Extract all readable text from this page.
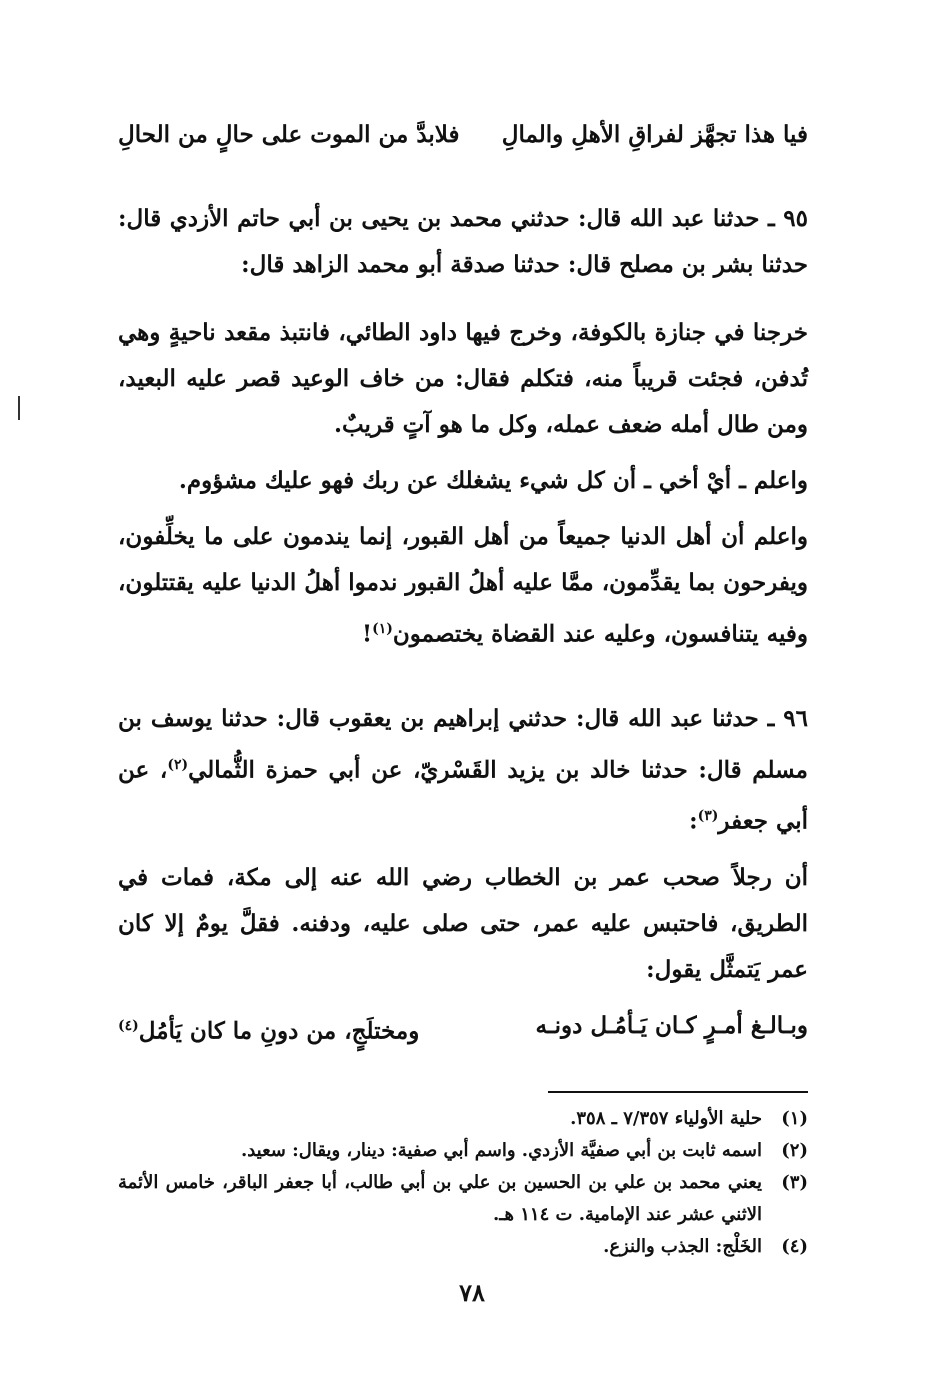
فيا هذا تجهَّز لفراقِ الأهلِ والمالِ
فلابدَّ من الموت على حالٍ من الحالِ

٩٥ ـ حدثنا عبد الله قال: حدثني محمد بن يحيى بن أبي حاتم الأزدي قال: حدثنا بشر بن مصلح قال: حدثنا صدقة أبو محمد الزاهد قال:

خرجنا في جنازة بالكوفة، وخرج فيها داود الطائي، فانتبذ مقعد ناحيةٍ وهي تُدفن، فجئت قريباً منه، فتكلم فقال: من خاف الوعيد قصر عليه البعيد، ومن طال أمله ضعف عمله، وكل ما هو آتٍ قريبٌ.

واعلم ـ أيْ أخي ـ أن كل شيء يشغلك عن ربك فهو عليك مشؤوم.

واعلم أن أهل الدنيا جميعاً من أهل القبور، إنما يندمون على ما يخلِّفون، ويفرحون بما يقدِّمون، ممَّا عليه أهلُ القبور ندموا أهلُ الدنيا عليه يقتتلون، وفيه يتنافسون، وعليه عند القضاة يختصمون$^{(١)}$!

٩٦ ـ حدثنا عبد الله قال: حدثني إبراهيم بن يعقوب قال: حدثنا يوسف بن مسلم قال: حدثنا خالد بن يزيد القَسْريّ، عن أبي حمزة الثُّمالي$^{(٢)}$، عن أبي جعفر$^{(٣)}$:

أن رجلاً صحب عمر بن الخطاب رضي الله عنه إلى مكة، فمات في الطريق، فاحتبس عليه عمر، حتى صلى عليه، ودفنه. فقلَّ يومٌ إلا كان عمر يَتمثَّل يقول:

وبـالـغ أمـرٍ كـان يَـأمُـل دونـه
ومختلَجٍ، من دونِ ما كان يَأمُل$^{(٤)}$
(١)
حلية الأولياء ٧/٣٥٧ ـ ٣٥٨.
(٢)
اسمه ثابت بن أبي صفيَّة الأزدي. واسم أبي صفية: دينار، ويقال: سعيد.
(٣)
يعني محمد بن علي بن الحسين بن علي بن أبي طالب، أبا جعفر الباقر، خامس الأئمة الاثني عشر عند الإمامية. ت ١١٤ هـ.
(٤)
الخَلْج: الجذب والنزع.
٧٨
